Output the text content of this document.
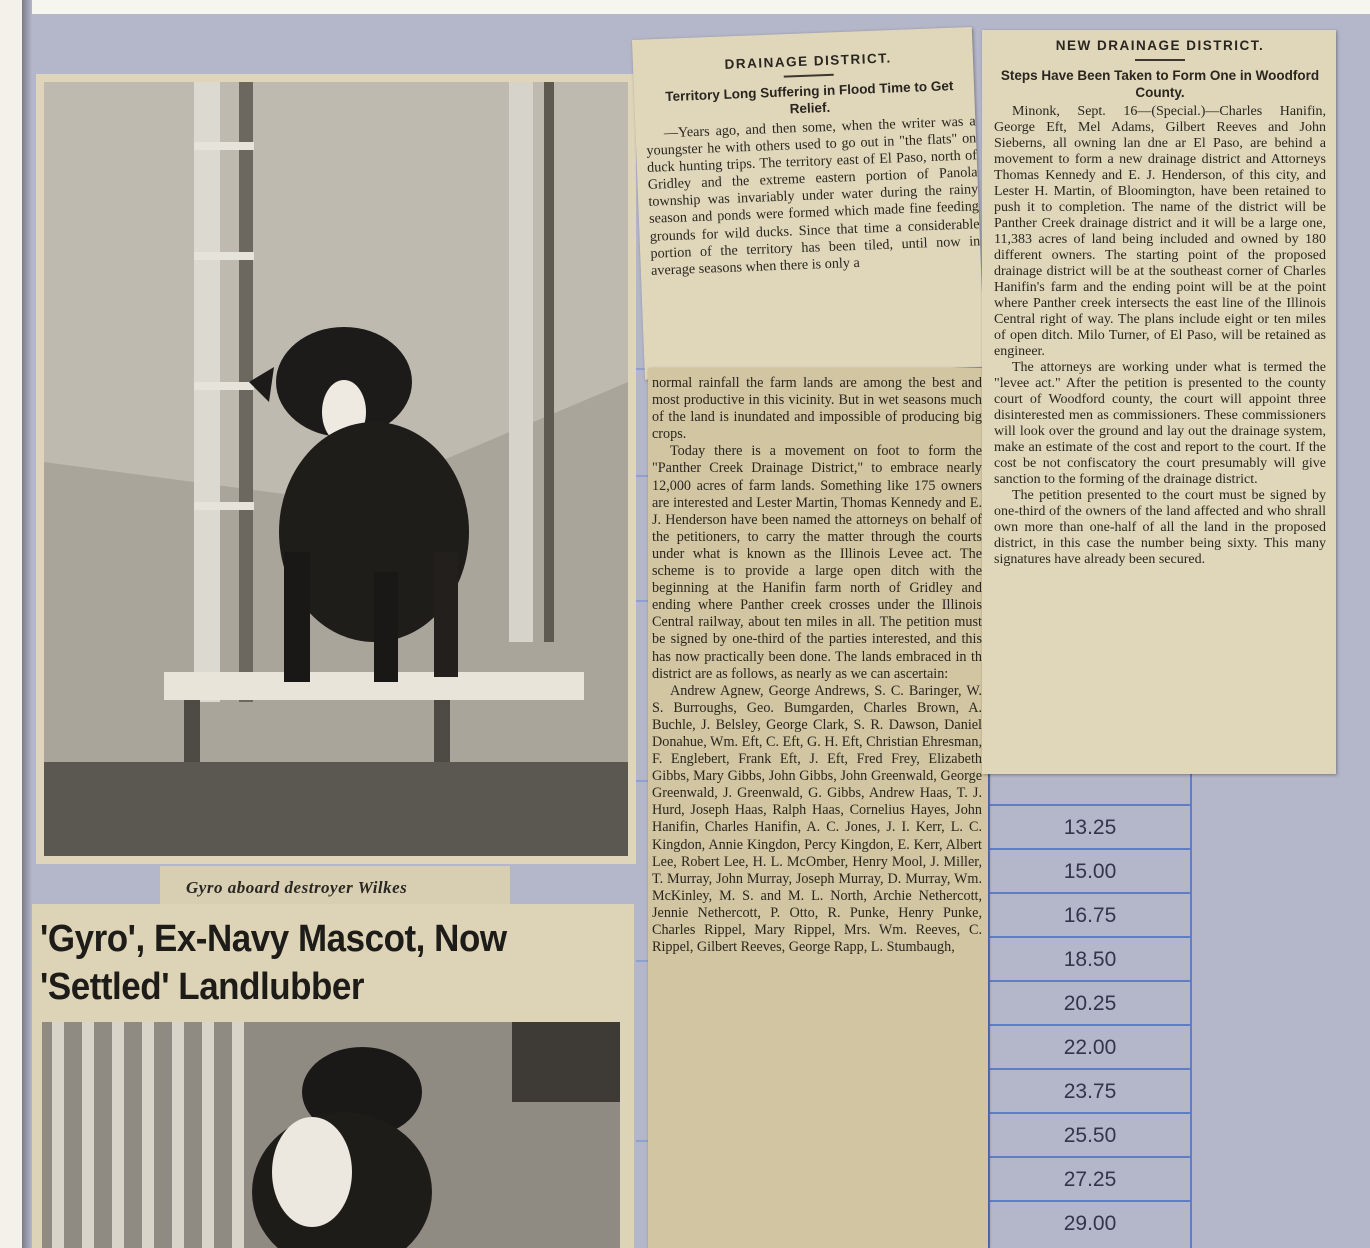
13.25
15.00
16.75
18.50
20.25
22.00
23.75
25.50
27.25
29.00
Gyro aboard destroyer Wilkes
'Gyro', Ex-Navy Mascot, Now 'Settled' Landlubber
DRAINAGE DISTRICT.
Territory Long Suffering in Flood Time to Get Relief.

—Years ago, and then some, when the writer was a youngster he with others used to go out in "the flats" on duck hunting trips. The territory east of El Paso, north of Gridley and the extreme eastern portion of Panola township was invariably under water during the rainy season and ponds were formed which made fine feeding grounds for wild ducks. Since that time a considerable portion of the territory has been tiled, until now in average seasons when there is only a

normal rainfall the farm lands are among the best and most productive in this vicinity. But in wet seasons much of the land is inundated and impossible of producing big crops.

Today there is a movement on foot to form the "Panther Creek Drainage District," to embrace nearly 12,000 acres of farm lands. Something like 175 owners are interested and Lester Martin, Thomas Kennedy and E. J. Henderson have been named the attorneys on behalf of the petitioners, to carry the matter through the courts under what is known as the Illinois Levee act. The scheme is to provide a large open ditch with the beginning at the Hanifin farm north of Gridley and ending where Panther creek crosses under the Illinois Central railway, about ten miles in all. The petition must be signed by one-third of the parties interested, and this has now practically been done. The lands embraced in th district are as follows, as nearly as we can ascertain:

Andrew Agnew, George Andrews, S. C. Baringer, W. S. Burroughs, Geo. Bumgarden, Charles Brown, A. Buchle, J. Belsley, George Clark, S. R. Dawson, Daniel Donahue, Wm. Eft, C. Eft, G. H. Eft, Christian Ehresman, F. Englebert, Frank Eft, J. Eft, Fred Frey, Elizabeth Gibbs, Mary Gibbs, John Gibbs, John Greenwald, George Greenwald, J. Greenwald, G. Gibbs, Andrew Haas, T. J. Hurd, Joseph Haas, Ralph Haas, Cornelius Hayes, John Hanifin, Charles Hanifin, A. C. Jones, J. I. Kerr, L. C. Kingdon, Annie Kingdon, Percy Kingdon, E. Kerr, Albert Lee, Robert Lee, H. L. McOmber, Henry Mool, J. Miller, T. Murray, John Murray, Joseph Murray, D. Murray, Wm. McKinley, M. S. and M. L. North, Archie Nethercott, Jennie Nethercott, P. Otto, R. Punke, Henry Punke, Charles Rippel, Mary Rippel, Mrs. Wm. Reeves, C. Rippel, Gilbert Reeves, George Rapp, L. Stumbaugh,

NEW DRAINAGE DISTRICT.
Steps Have Been Taken to Form One in Woodford County.

Minonk, Sept. 16—(Special.)—Charles Hanifin, George Eft, Mel Adams, Gilbert Reeves and John Sieberns, all owning lan dne ar El Paso, are behind a movement to form a new drainage district and Attorneys Thomas Kennedy and E. J. Henderson, of this city, and Lester H. Martin, of Bloomington, have been retained to push it to completion. The name of the district will be Panther Creek drainage district and it will be a large one, 11,383 acres of land being included and owned by 180 different owners. The starting point of the proposed drainage district will be at the southeast corner of Charles Hanifin's farm and the ending point will be at the point where Panther creek intersects the east line of the Illinois Central right of way. The plans include eight or ten miles of open ditch. Milo Turner, of El Paso, will be retained as engineer.

The attorneys are working under what is termed the "levee act." After the petition is presented to the county court of Woodford county, the court will appoint three disinterested men as commissioners. These commissioners will look over the ground and lay out the drainage system, make an estimate of the cost and report to the court. If the cost be not confiscatory the court presumably will give sanction to the forming of the drainage district.

The petition presented to the court must be signed by one-third of the owners of the land affected and who shrall own more than one-half of all the land in the proposed district, in this case the number being sixty. This many signatures have already been secured.
